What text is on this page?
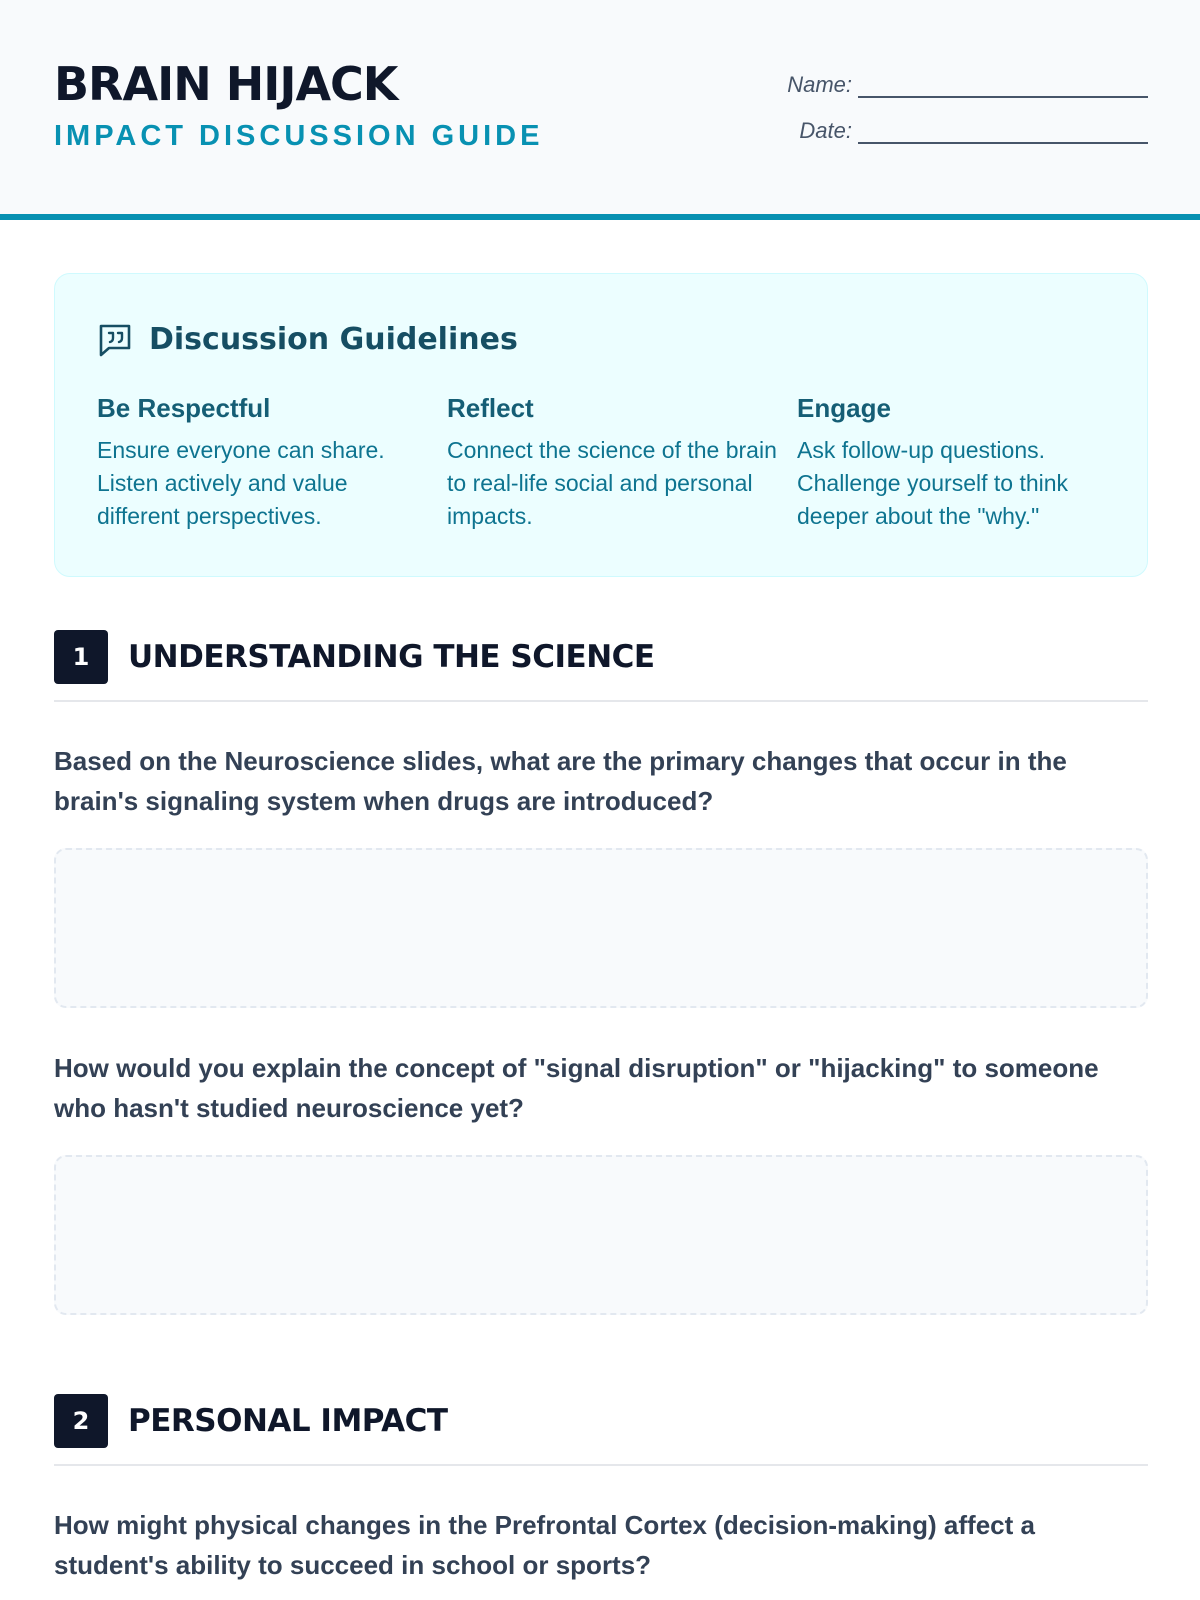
BRAIN HIJACK
IMPACT DISCUSSION GUIDE
Name:
Date:
Discussion Guidelines
Be Respectful
Ensure everyone can share. Listen actively and value different perspectives.
Reflect
Connect the science of the brain to real-life social and personal impacts.
Engage
Ask follow-up questions. Challenge yourself to think deeper about the "why."
1	UNDERSTANDING THE SCIENCE
Based on the Neuroscience slides, what are the primary changes that occur in the brain's signaling system when drugs are introduced?
How would you explain the concept of "signal disruption" or "hijacking" to someone who hasn't studied neuroscience yet?
2	PERSONAL IMPACT
How might physical changes in the Prefrontal Cortex (decision-making) affect a student's ability to succeed in school or sports?
